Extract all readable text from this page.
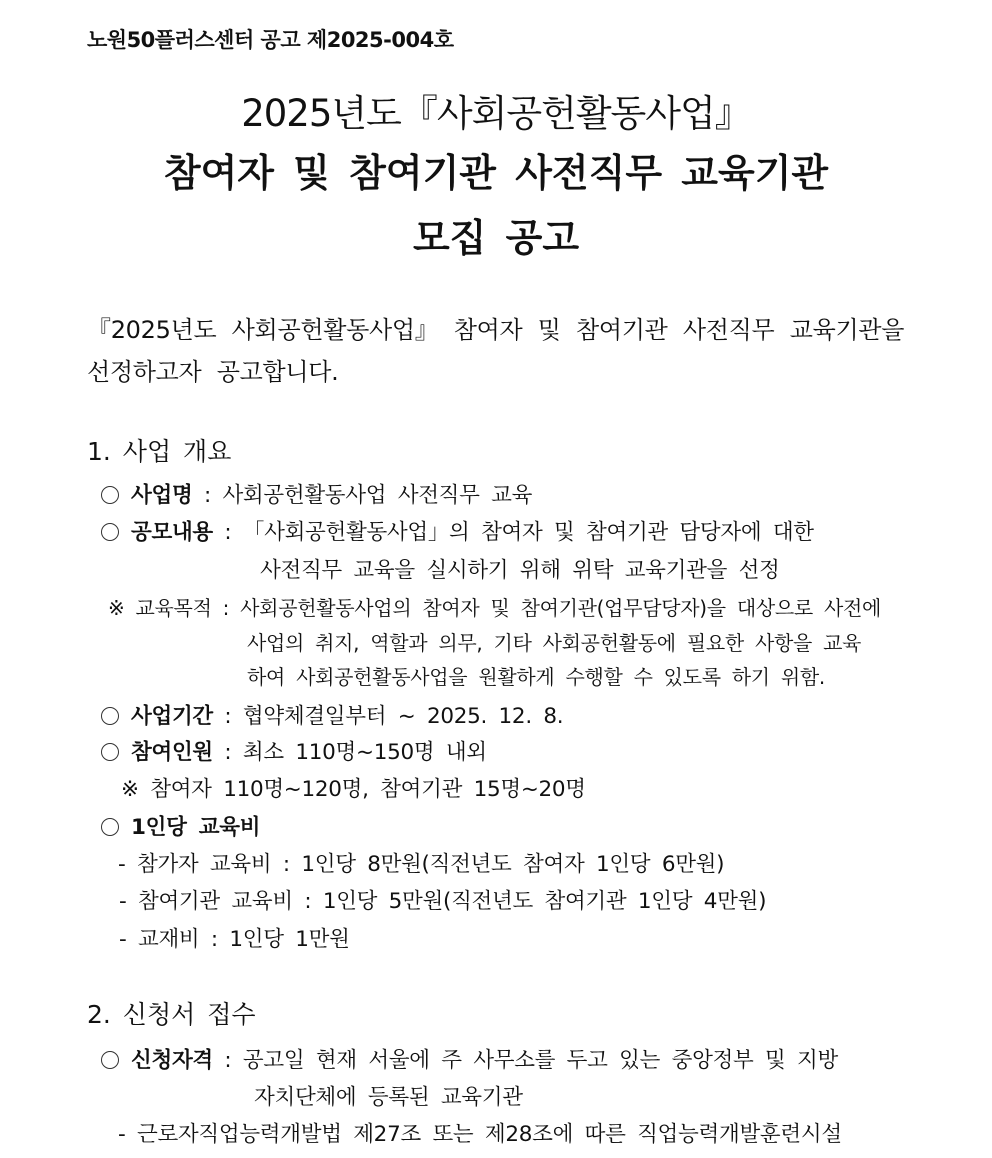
노원50플러스센터 공고 제2025-004호
2025년도『사회공헌활동사업』
참여자 및 참여기관 사전직무 교육기관
모집 공고
『2025년도 사회공헌활동사업』 참여자 및 참여기관 사전직무 교육기관을
선정하고자 공고합니다.
1. 사업 개요
사업명 : 사회공헌활동사업 사전직무 교육
공모내용 : 「사회공헌활동사업」의 참여자 및 참여기관 담당자에 대한
사전직무 교육을 실시하기 위해 위탁 교육기관을 선정
※ 교육목적 : 사회공헌활동사업의 참여자 및 참여기관(업무담당자)을 대상으로 사전에
사업의 취지, 역할과 의무, 기타 사회공헌활동에 필요한 사항을 교육
하여 사회공헌활동사업을 원활하게 수행할 수 있도록 하기 위함.
사업기간 : 협약체결일부터 ~ 2025. 12. 8.
참여인원 : 최소 110명~150명 내외
※ 참여자 110명~120명, 참여기관 15명~20명
1인당 교육비
- 참가자 교육비 : 1인당 8만원(직전년도 참여자 1인당 6만원)
- 참여기관 교육비 : 1인당 5만원(직전년도 참여기관 1인당 4만원)
- 교재비 : 1인당 1만원
2. 신청서 접수
신청자격 : 공고일 현재 서울에 주 사무소를 두고 있는 중앙정부 및 지방
자치단체에 등록된 교육기관
- 근로자직업능력개발법 제27조 또는 제28조에 따른 직업능력개발훈련시설
